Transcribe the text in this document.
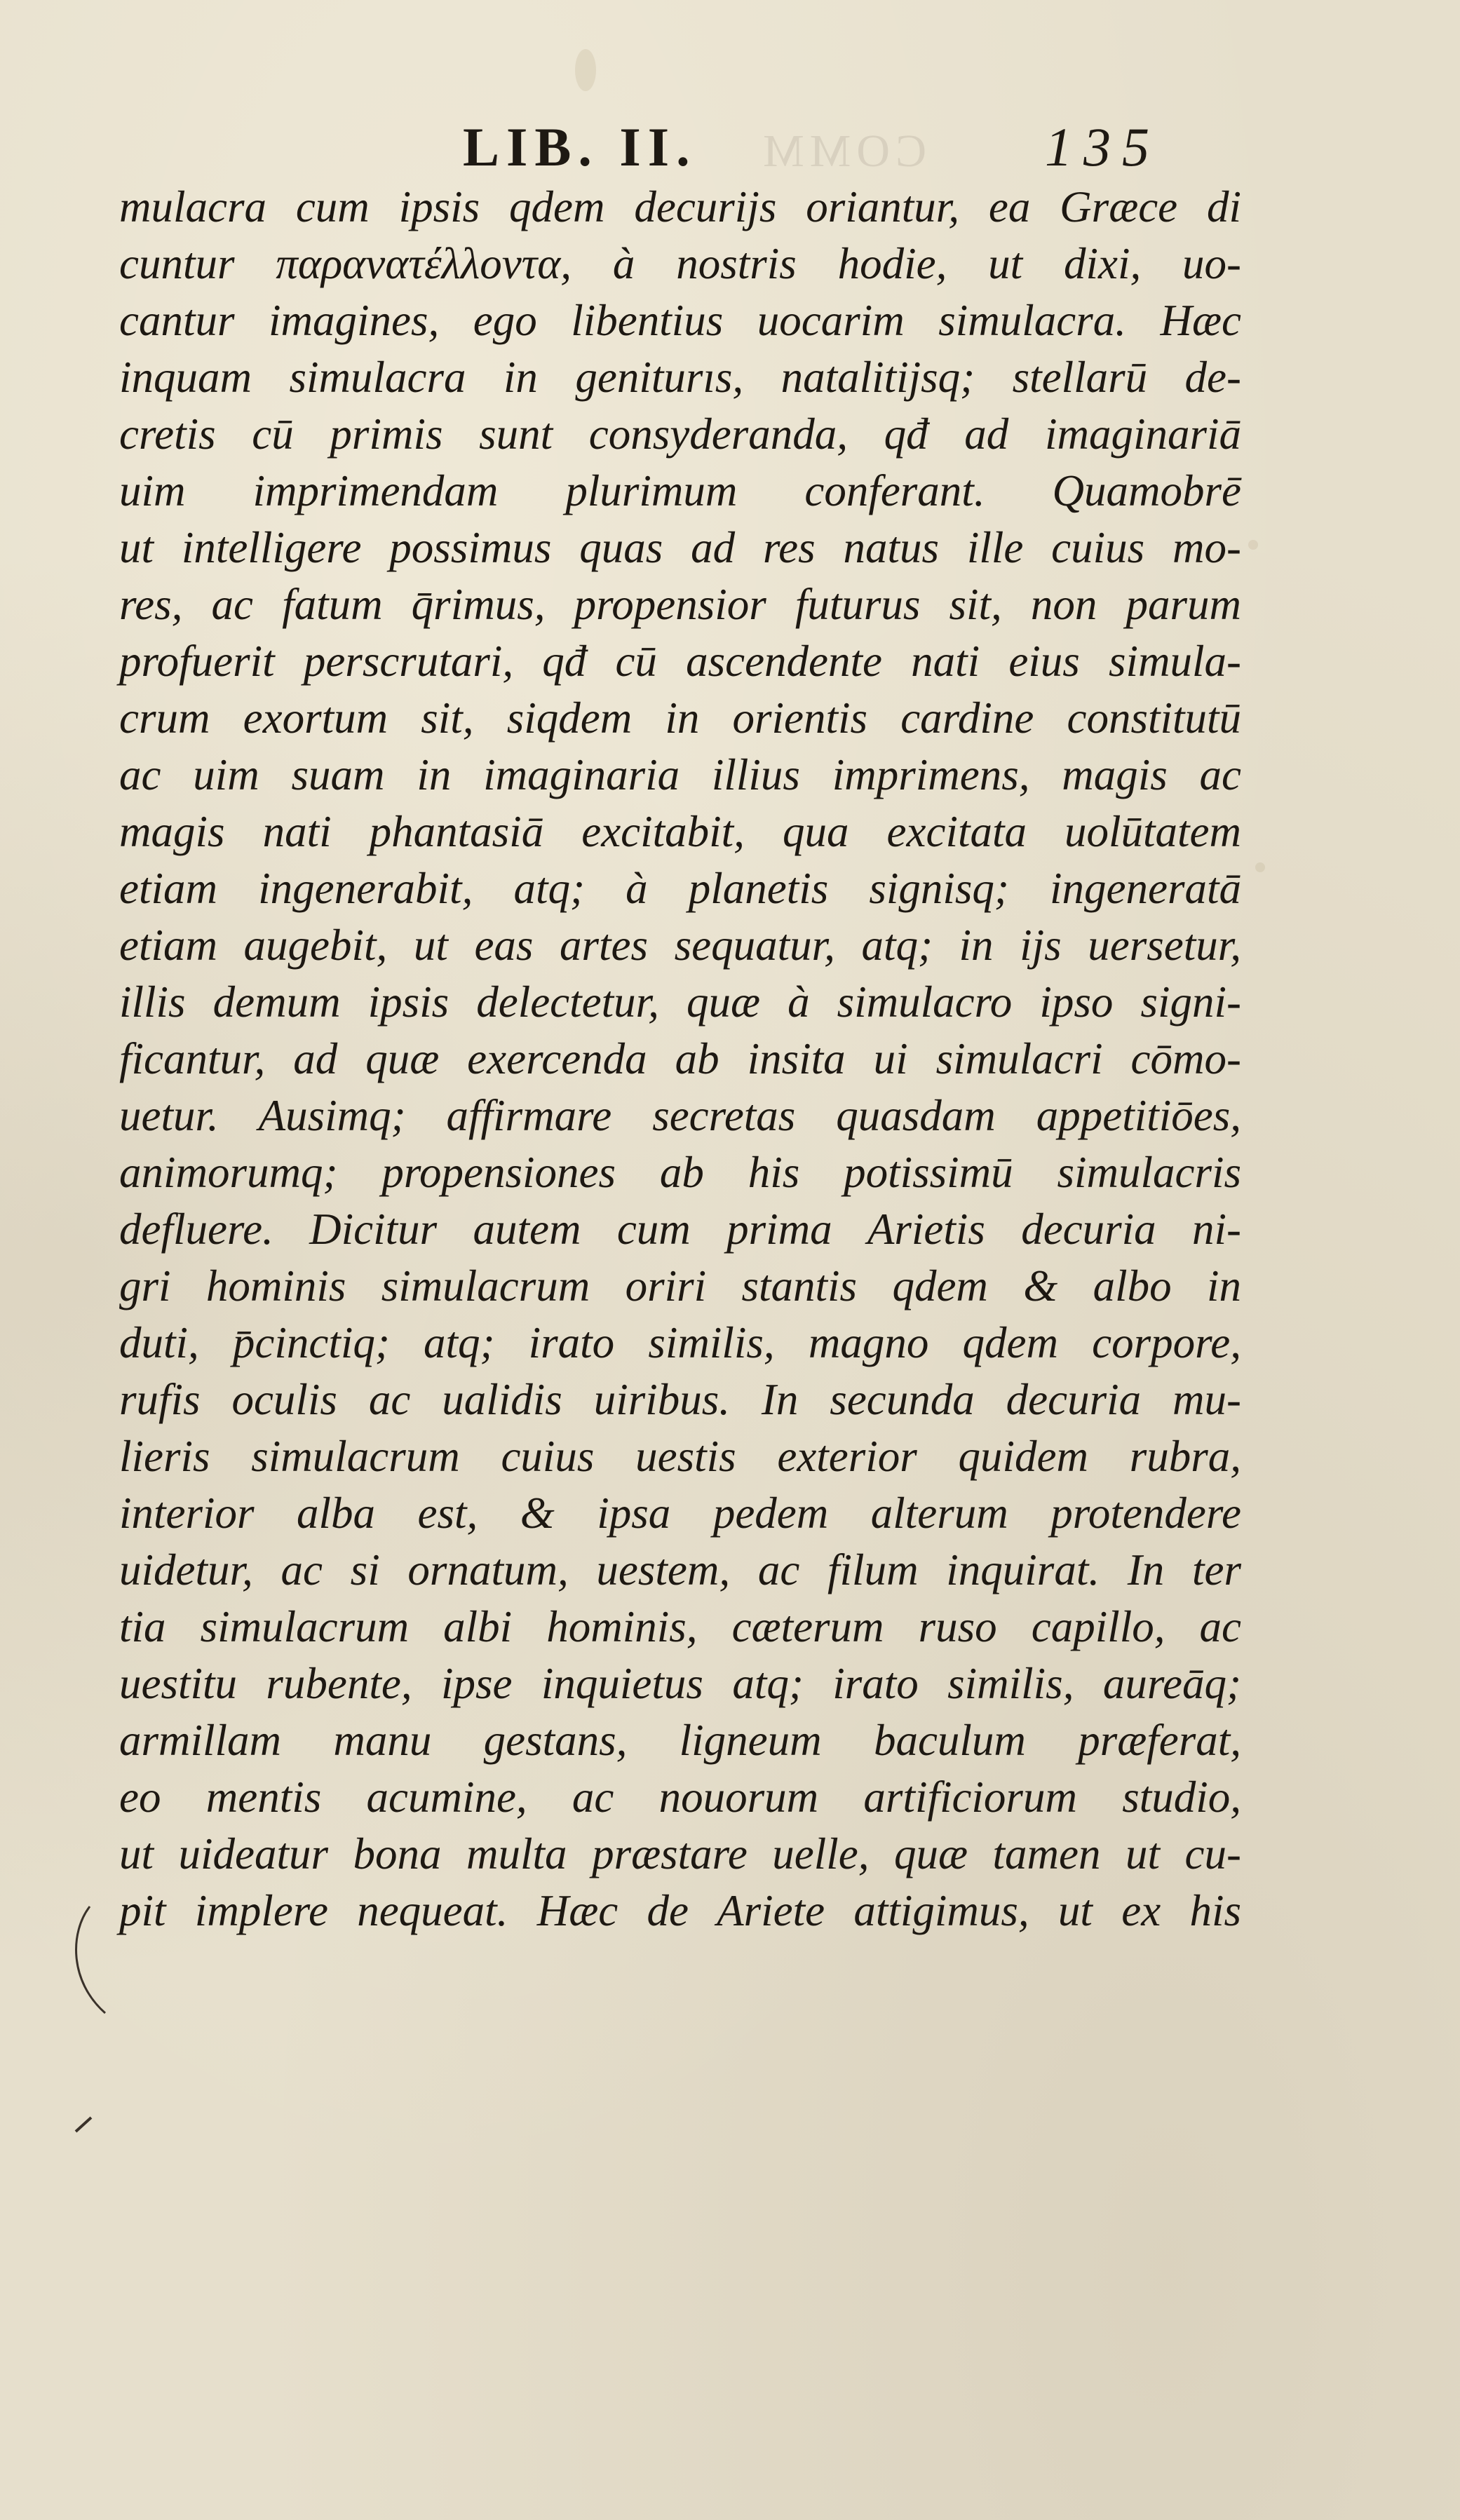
COMM
LIB. II.	135
mulacra cum ipsis qdem decurijs oriantur, ea Græce di
cuntur παρανατέλλοντα, à nostris hodie, ut dixi, uo-
cantur imagines, ego libentius uocarim simulacra. Hæc
inquam simulacra in geniturıs, natalitijsq; stellarū de-
cretis cū primis sunt consyderanda, qđ ad imaginariā
uim imprimendam plurimum conferant. Quamobrē
ut intelligere possimus quas ad res natus ille cuius mo-
res, ac fatum q̄rimus, propensior futurus sit, non parum
profuerit perscrutari, qđ cū ascendente nati eius simula-
crum exortum sit, siqdem in orientis cardine constitutū
ac uim suam in imaginaria illius imprimens, magis ac
magis nati phantasiā excitabit, qua excitata uolūtatem
etiam ingenerabit, atq; à planetis signisq; ingeneratā
etiam augebit, ut eas artes sequatur, atq; in ijs uersetur,
illis demum ipsis delectetur, quæ à simulacro ipso signi-
ficantur, ad quæ exercenda ab insita ui simulacri cōmo-
uetur. Ausimq; affirmare secretas quasdam appetitiōes,
animorumq; propensiones ab his potissimū simulacris
defluere. Dicitur autem cum prima Arietis decuria ni-
gri hominis simulacrum oriri stantis qdem & albo in
duti, p̄cinctiq; atq; irato similis, magno qdem corpore,
rufis oculis ac ualidis uiribus. In secunda decuria mu-
lieris simulacrum cuius uestis exterior quidem rubra,
interior alba est, & ipsa pedem alterum protendere
uidetur, ac si ornatum, uestem, ac filum inquirat. In ter
tia simulacrum albi hominis, cæterum ruso capillo, ac
uestitu rubente, ipse inquietus atq; irato similis, aureāq;
armillam manu gestans, ligneum baculum præferat,
eo mentis acumine, ac nouorum artificiorum studio,
ut uideatur bona multa præstare uelle, quæ tamen ut cu-
pit implere nequeat. Hæc de Ariete attigimus, ut ex his
